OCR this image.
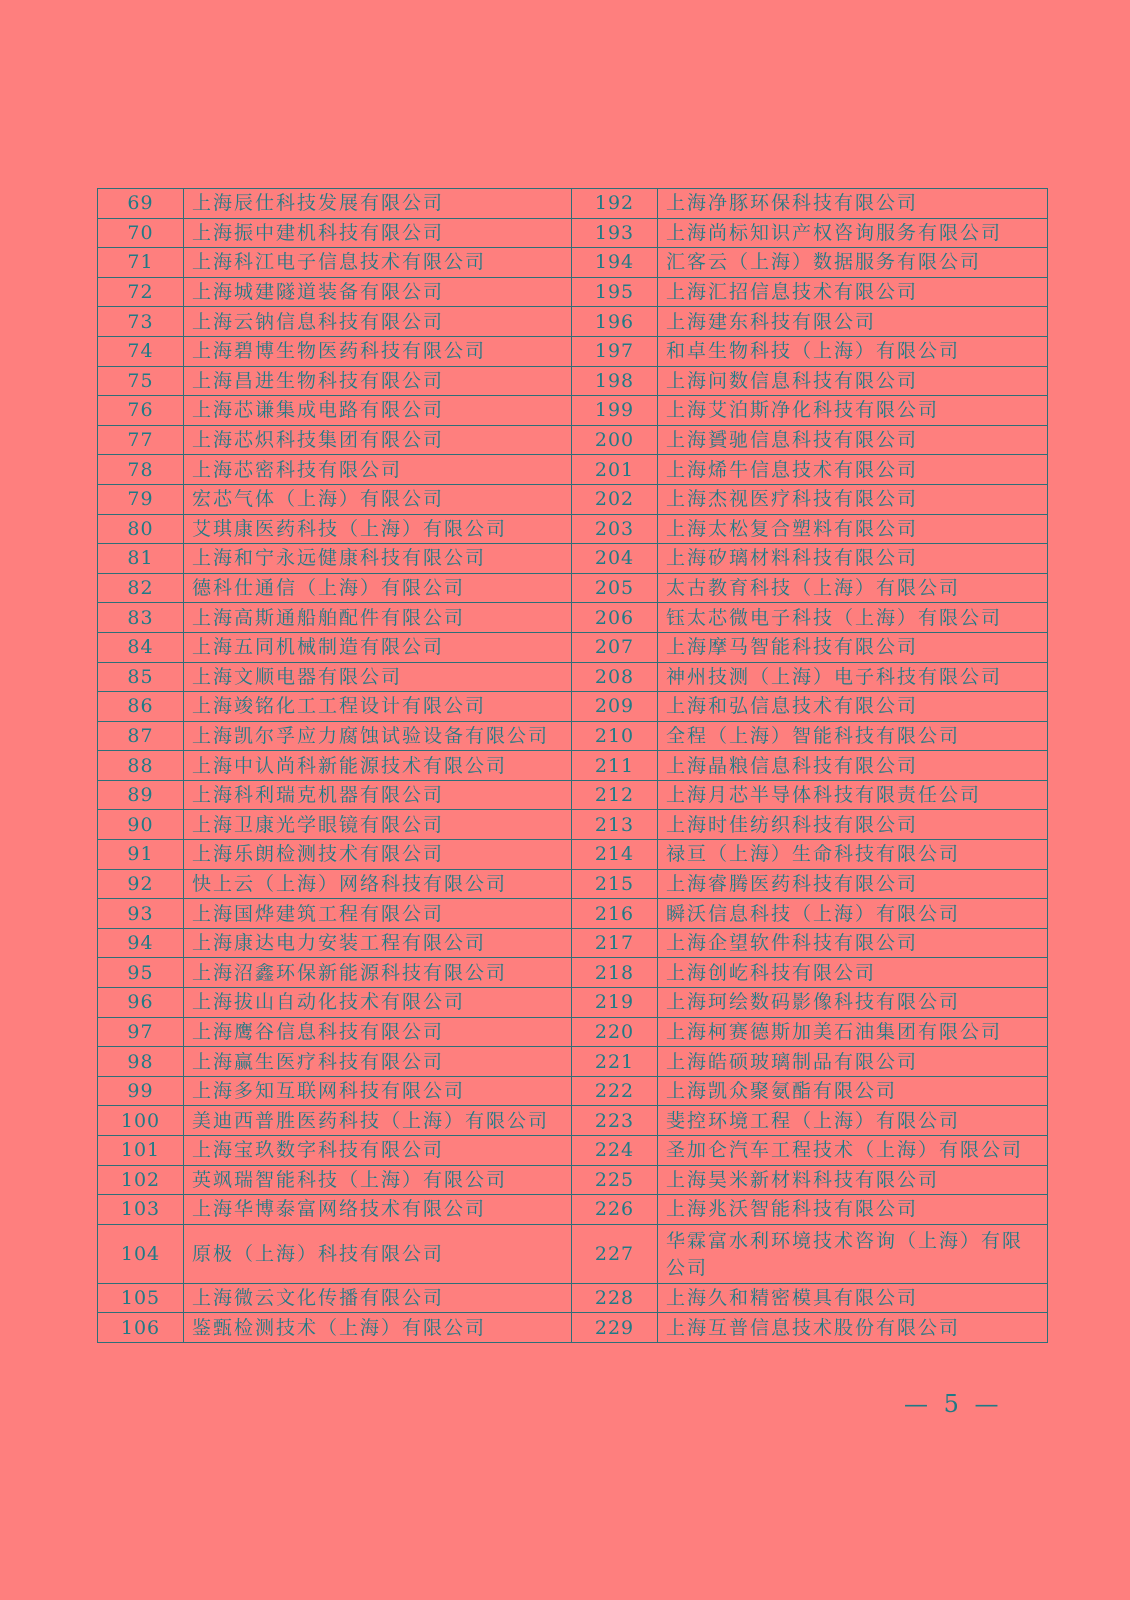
69	上海辰仕科技发展有限公司	192	上海净豚环保科技有限公司
70	上海振中建机科技有限公司	193	上海尚标知识产权咨询服务有限公司
71	上海科江电子信息技术有限公司	194	汇客云（上海）数据服务有限公司
72	上海城建隧道装备有限公司	195	上海汇招信息技术有限公司
73	上海云钠信息科技有限公司	196	上海建东科技有限公司
74	上海碧博生物医药科技有限公司	197	和卓生物科技（上海）有限公司
75	上海昌进生物科技有限公司	198	上海问数信息科技有限公司
76	上海芯谦集成电路有限公司	199	上海艾泊斯净化科技有限公司
77	上海芯炽科技集团有限公司	200	上海贇驰信息科技有限公司
78	上海芯密科技有限公司	201	上海烯牛信息技术有限公司
79	宏芯气体（上海）有限公司	202	上海杰视医疗科技有限公司
80	艾琪康医药科技（上海）有限公司	203	上海太松复合塑料有限公司
81	上海和宁永远健康科技有限公司	204	上海矽璃材料科技有限公司
82	德科仕通信（上海）有限公司	205	太古教育科技（上海）有限公司
83	上海高斯通船舶配件有限公司	206	钰太芯微电子科技（上海）有限公司
84	上海五同机械制造有限公司	207	上海摩马智能科技有限公司
85	上海文顺电器有限公司	208	神州技测（上海）电子科技有限公司
86	上海竣铭化工工程设计有限公司	209	上海和弘信息技术有限公司
87	上海凯尔孚应力腐蚀试验设备有限公司	210	全程（上海）智能科技有限公司
88	上海中认尚科新能源技术有限公司	211	上海晶粮信息科技有限公司
89	上海科利瑞克机器有限公司	212	上海月芯半导体科技有限责任公司
90	上海卫康光学眼镜有限公司	213	上海时佳纺织科技有限公司
91	上海乐朗检测技术有限公司	214	禄亘（上海）生命科技有限公司
92	快上云（上海）网络科技有限公司	215	上海睿腾医药科技有限公司
93	上海国烨建筑工程有限公司	216	瞬沃信息科技（上海）有限公司
94	上海康达电力安装工程有限公司	217	上海企望软件科技有限公司
95	上海沼鑫环保新能源科技有限公司	218	上海创屹科技有限公司
96	上海拔山自动化技术有限公司	219	上海珂绘数码影像科技有限公司
97	上海鹰谷信息科技有限公司	220	上海柯赛德斯加美石油集团有限公司
98	上海赢生医疗科技有限公司	221	上海皓硕玻璃制品有限公司
99	上海多知互联网科技有限公司	222	上海凯众聚氨酯有限公司
100	美迪西普胜医药科技（上海）有限公司	223	斐控环境工程（上海）有限公司
101	上海宝玖数字科技有限公司	224	圣加仑汽车工程技术（上海）有限公司
102	英飒瑞智能科技（上海）有限公司	225	上海昊米新材料科技有限公司
103	上海华博泰富网络技术有限公司	226	上海兆沃智能科技有限公司
104	原极（上海）科技有限公司	227	华霖富水利环境技术咨询（上海）有限公司
105	上海微云文化传播有限公司	228	上海久和精密模具有限公司
106	鉴甄检测技术（上海）有限公司	229	上海互普信息技术股份有限公司
— 5 —
